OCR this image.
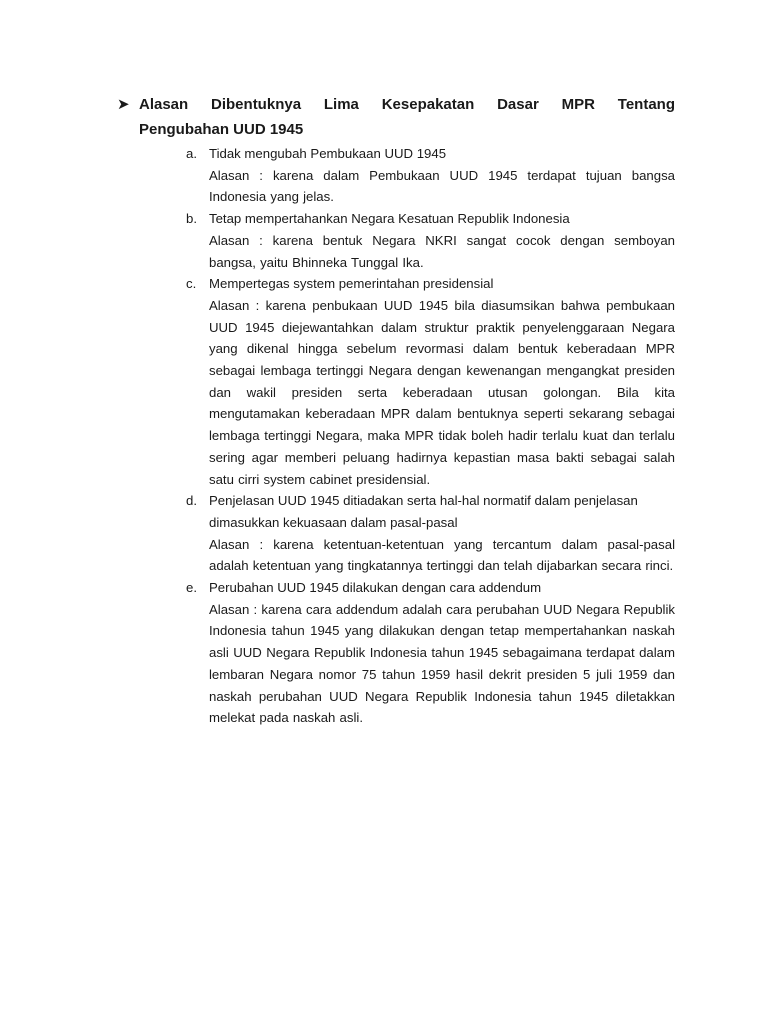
➤ Alasan Dibentuknya Lima Kesepakatan Dasar MPR Tentang
Pengubahan UUD 1945
a. Tidak mengubah Pembukaan UUD 1945
Alasan : karena dalam Pembukaan UUD 1945 terdapat tujuan bangsa Indonesia yang jelas.
b. Tetap mempertahankan Negara Kesatuan Republik Indonesia
Alasan : karena bentuk Negara NKRI sangat cocok dengan semboyan bangsa, yaitu Bhinneka Tunggal Ika.
c. Mempertegas system pemerintahan presidensial
Alasan : karena penbukaan UUD 1945 bila diasumsikan bahwa pembukaan UUD 1945 diejewantahkan dalam struktur praktik penyelenggaraan Negara yang dikenal hingga sebelum revormasi dalam bentuk keberadaan MPR sebagai lembaga tertinggi Negara dengan kewenangan mengangkat presiden dan wakil presiden serta keberadaan utusan golongan. Bila kita mengutamakan keberadaan MPR dalam bentuknya seperti sekarang sebagai lembaga tertinggi Negara, maka MPR tidak boleh hadir terlalu kuat dan terlalu sering agar memberi peluang hadirnya kepastian masa bakti sebagai salah satu cirri system cabinet presidensial.
d. Penjelasan UUD 1945 ditiadakan serta hal-hal normatif dalam penjelasan dimasukkan kekuasaan dalam pasal-pasal
Alasan : karena ketentuan-ketentuan yang tercantum dalam pasal-pasal adalah ketentuan yang tingkatannya tertinggi dan telah dijabarkan secara rinci.
e. Perubahan UUD 1945 dilakukan dengan cara addendum
Alasan : karena cara addendum adalah cara perubahan UUD Negara Republik Indonesia tahun 1945 yang dilakukan dengan tetap mempertahankan naskah asli UUD Negara Republik Indonesia tahun 1945 sebagaimana terdapat dalam lembaran Negara nomor 75 tahun 1959 hasil dekrit presiden 5 juli 1959 dan naskah perubahan UUD Negara Republik Indonesia tahun 1945 diletakkan melekat pada naskah asli.
